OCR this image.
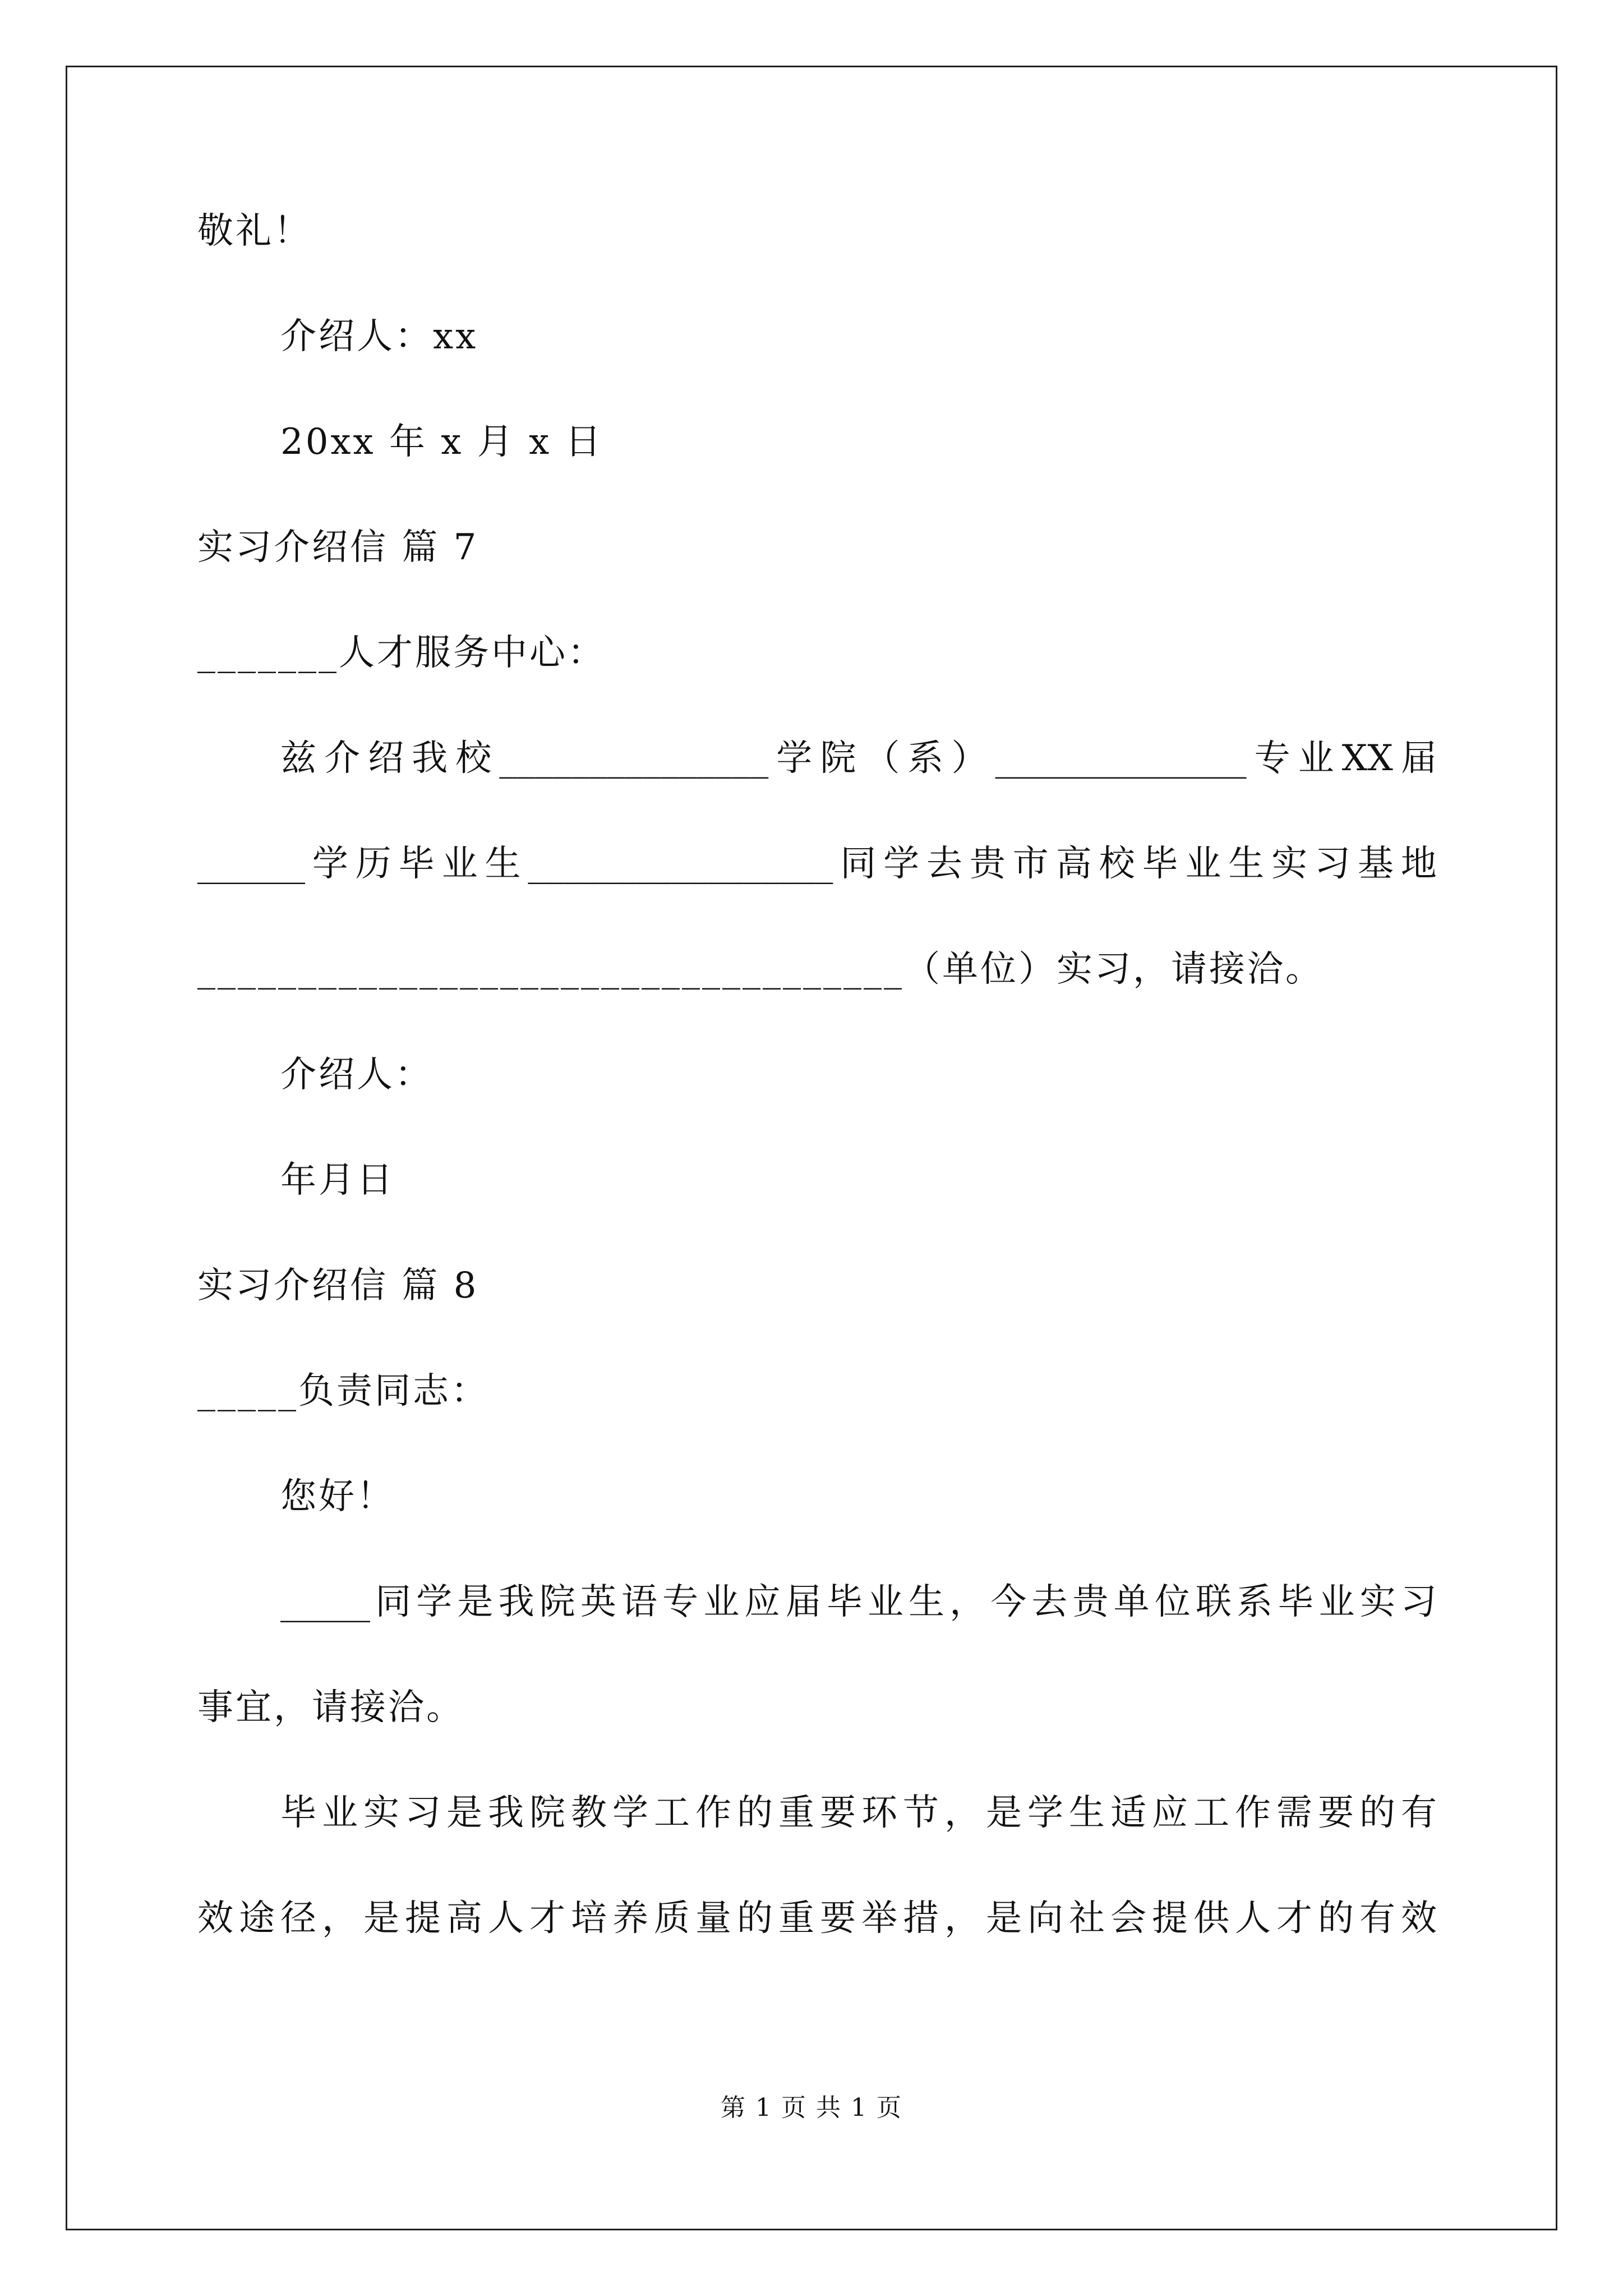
敬礼！
介绍人：xx
20xx 年 x 月 x 日
实习介绍信 篇 7
_______人才服务中心：
兹 介 绍 我 校 _______________ 学 院 （ 系 ） ______________ 专 业 XX 届
______ 学 历 毕 业 生 _________________ 同 学 去 贵 市 高 校 毕 业 生 实 习 基 地
___________________________________（单位）实习，请接洽。
介绍人：
年月日
实习介绍信 篇 8
_____负责同志：
您好！
_____ 同 学 是 我 院 英 语 专 业 应 届 毕 业 生 ， 今 去 贵 单 位 联 系 毕 业 实 习
事宜，请接洽。
毕 业 实 习 是 我 院 教 学 工 作 的 重 要 环 节 ， 是 学 生 适 应 工 作 需 要 的 有
效 途 径 ， 是 提 高 人 才 培 养 质 量 的 重 要 举 措 ， 是 向 社 会 提 供 人 才 的 有 效
第 1 页 共 1 页
